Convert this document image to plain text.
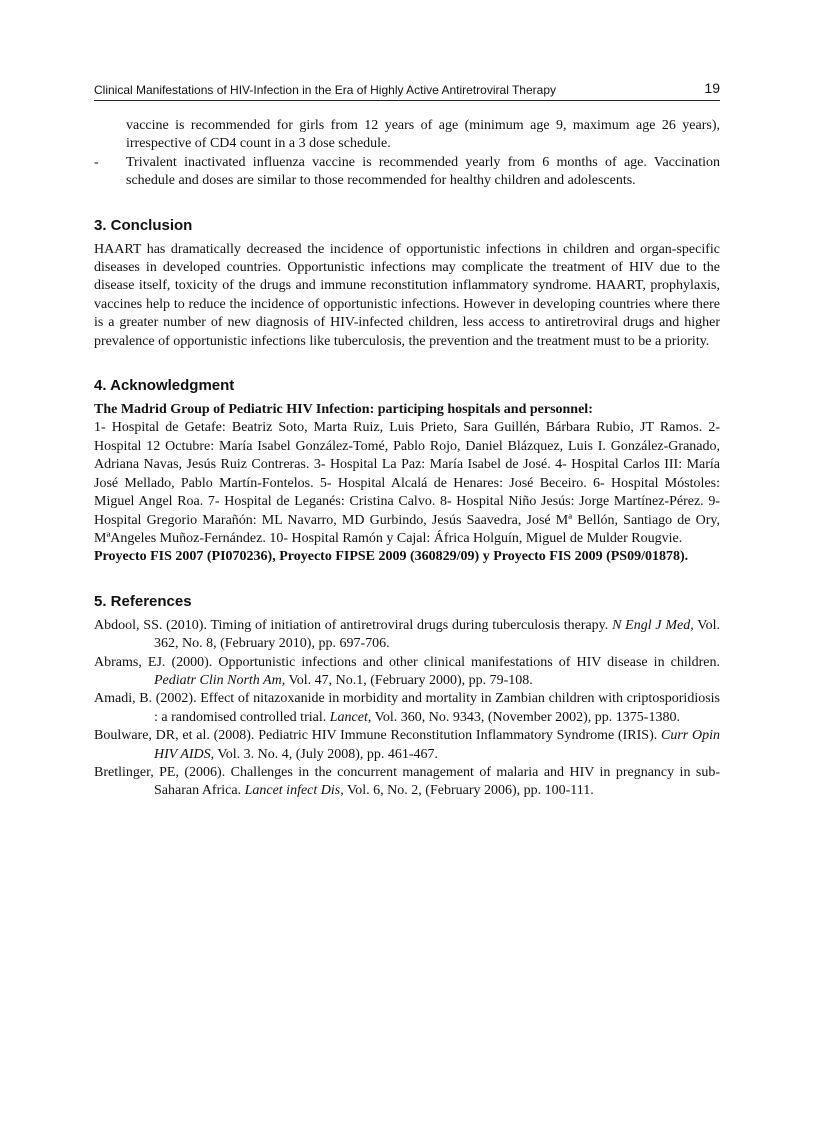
Clinical Manifestations of HIV-Infection in the Era of Highly Active Antiretroviral Therapy	19

vaccine is recommended for girls from 12 years of age (minimum age 9, maximum age 26 years), irrespective of CD4 count in a 3 dose schedule.

- Trivalent inactivated influenza vaccine is recommended yearly from 6 months of age. Vaccination schedule and doses are similar to those recommended for healthy children and adolescents.
3. Conclusion

HAART has dramatically decreased the incidence of opportunistic infections in children and organ-specific diseases in developed countries. Opportunistic infections may complicate the treatment of HIV due to the disease itself, toxicity of the drugs and immune reconstitution inflammatory syndrome. HAART, prophylaxis, vaccines help to reduce the incidence of opportunistic infections. However in developing countries where there is a greater number of new diagnosis of HIV-infected children, less access to antiretroviral drugs and higher prevalence of opportunistic infections like tuberculosis, the prevention and the treatment must to be a priority.

4. Acknowledgment

The Madrid Group of Pediatric HIV Infection: participing hospitals and personnel:

1- Hospital de Getafe: Beatriz Soto, Marta Ruiz, Luis Prieto, Sara Guillén, Bárbara Rubio, JT Ramos. 2- Hospital 12 Octubre: María Isabel González-Tomé, Pablo Rojo, Daniel Blázquez, Luis I. González-Granado, Adriana Navas, Jesús Ruiz Contreras. 3- Hospital La Paz: María Isabel de José. 4- Hospital Carlos III: María José Mellado, Pablo Martín-Fontelos. 5- Hospital Alcalá de Henares: José Beceiro. 6- Hospital Móstoles: Miguel Angel Roa. 7- Hospital de Leganés: Cristina Calvo. 8- Hospital Niño Jesús: Jorge Martínez-Pérez. 9- Hospital Gregorio Marañón: ML Navarro, MD Gurbindo, Jesús Saavedra, José Mª Bellón, Santiago de Ory, MªAngeles Muñoz-Fernández. 10- Hospital Ramón y Cajal: África Holguín, Miguel de Mulder Rougvie.

Proyecto FIS 2007 (PI070236), Proyecto FIPSE 2009 (360829/09) y Proyecto FIS 2009 (PS09/01878).

5. References

Abdool, SS. (2010). Timing of initiation of antiretroviral drugs during tuberculosis therapy. N Engl J Med, Vol. 362, No. 8, (February 2010), pp. 697-706.

Abrams, EJ. (2000). Opportunistic infections and other clinical manifestations of HIV disease in children. Pediatr Clin North Am, Vol. 47, No.1, (February 2000), pp. 79-108.

Amadi, B. (2002). Effect of nitazoxanide in morbidity and mortality in Zambian children with criptosporidiosis : a randomised controlled trial. Lancet, Vol. 360, No. 9343, (November 2002), pp. 1375-1380.

Boulware, DR, et al. (2008). Pediatric HIV Immune Reconstitution Inflammatory Syndrome (IRIS). Curr Opin HIV AIDS, Vol. 3. No. 4, (July 2008), pp. 461-467.

Bretlinger, PE, (2006). Challenges in the concurrent management of malaria and HIV in pregnancy in sub-Saharan Africa. Lancet infect Dis, Vol. 6, No. 2, (February 2006), pp. 100-111.
